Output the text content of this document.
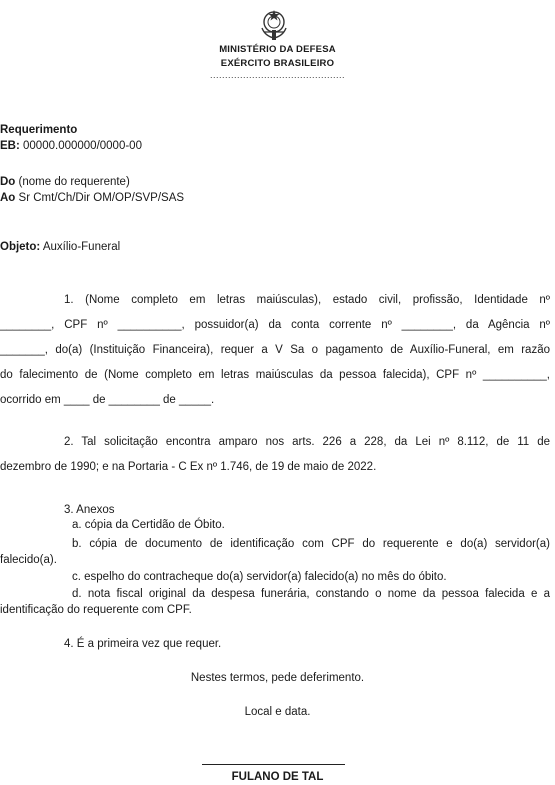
MINISTÉRIO DA DEFESA
EXÉRCITO BRASILEIRO
.............................................
Requerimento
EB: 00000.000000/0000-00
Do (nome do requerente)
Ao Sr Cmt/Ch/Dir OM/OP/SVP/SAS
Objeto: Auxílio-Funeral
1. (Nome completo em letras maiúsculas), estado civil, profissão, Identidade nº
________, CPF nº __________, possuidor(a) da conta corrente nº ________, da Agência nº
_______, do(a) (Instituição Financeira), requer a V Sa o pagamento de Auxílio-Funeral, em razão
do falecimento de (Nome completo em letras maiúsculas da pessoa falecida), CPF nº __________,
ocorrido em ____ de ________ de _____.
2. Tal solicitação encontra amparo nos arts. 226 a 228, da Lei nº 8.112, de 11 de
dezembro de 1990; e na Portaria - C Ex nº 1.746, de 19 de maio de 2022.
3. Anexos
a. cópia da Certidão de Óbito.
b. cópia de documento de identificação com CPF do requerente e do(a) servidor(a)
falecido(a).
c. espelho do contracheque do(a) servidor(a) falecido(a) no mês do óbito.
d. nota fiscal original da despesa funerária, constando o nome da pessoa falecida e a
identificação do requerente com CPF.
4. É a primeira vez que requer.
Nestes termos, pede deferimento.
Local e data.
FULANO DE TAL
